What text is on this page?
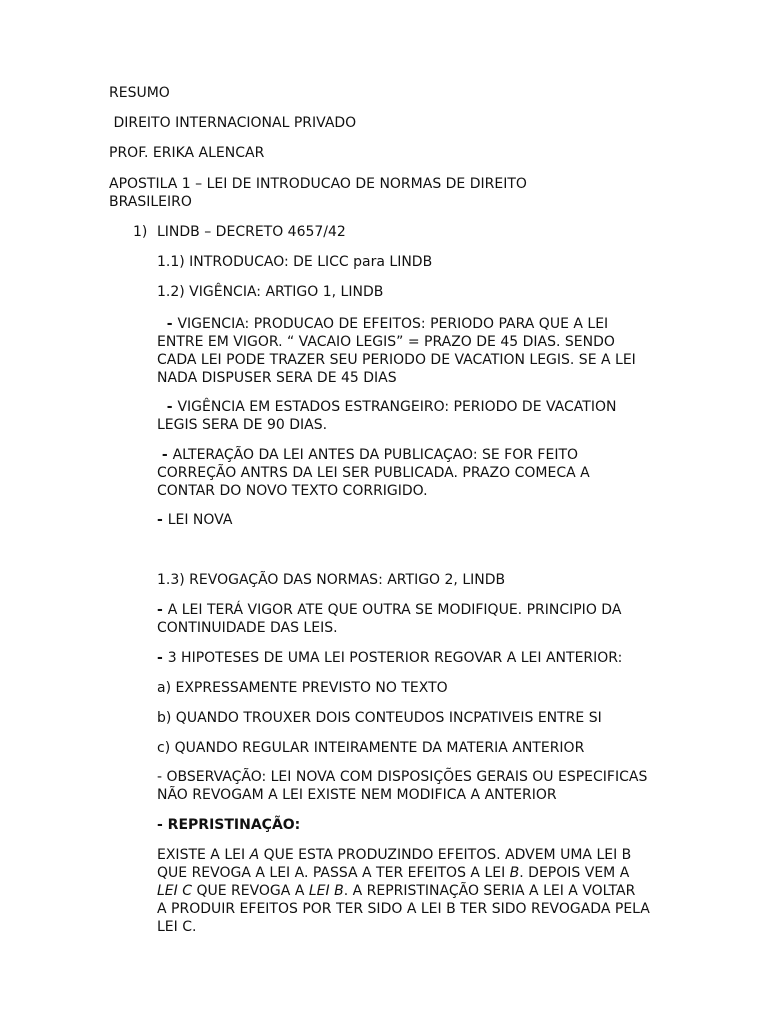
RESUMO

DIREITO INTERNACIONAL PRIVADO

PROF. ERIKA ALENCAR

APOSTILA 1 – LEI DE INTRODUCAO DE NORMAS DE DIREITO

BRASILEIRO

1) LINDB – DECRETO 4657/42

1.1) INTRODUCAO: DE LICC para LINDB

1.2) VIGÊNCIA: ARTIGO 1, LINDB

- VIGENCIA: PRODUCAO DE EFEITOS: PERIODO PARA QUE A LEI

ENTRE EM VIGOR. “ VACAIO LEGIS” = PRAZO DE 45 DIAS. SENDO

CADA LEI PODE TRAZER SEU PERIODO DE VACATION LEGIS. SE A LEI

NADA DISPUSER SERA DE 45 DIAS

- VIGÊNCIA EM ESTADOS ESTRANGEIRO: PERIODO DE VACATION

LEGIS SERA DE 90 DIAS.

- ALTERAÇÃO DA LEI ANTES DA PUBLICAÇAO: SE FOR FEITO

CORREÇÃO ANTRS DA LEI SER PUBLICADA. PRAZO COMECA A

CONTAR DO NOVO TEXTO CORRIGIDO.

- LEI NOVA

1.3) REVOGAÇÃO DAS NORMAS: ARTIGO 2, LINDB

- A LEI TERÁ VIGOR ATE QUE OUTRA SE MODIFIQUE. PRINCIPIO DA

CONTINUIDADE DAS LEIS.

- 3 HIPOTESES DE UMA LEI POSTERIOR REGOVAR A LEI ANTERIOR:

a) EXPRESSAMENTE PREVISTO NO TEXTO

b) QUANDO TROUXER DOIS CONTEUDOS INCPATIVEIS ENTRE SI

c) QUANDO REGULAR INTEIRAMENTE DA MATERIA ANTERIOR

- OBSERVAÇÃO: LEI NOVA COM DISPOSIÇÕES GERAIS OU ESPECIFICAS

NÃO REVOGAM A LEI EXISTE NEM MODIFICA A ANTERIOR

- REPRISTINAÇÃO:

EXISTE A LEI A QUE ESTA PRODUZINDO EFEITOS. ADVEM UMA LEI B

QUE REVOGA A LEI A. PASSA A TER EFEITOS A LEI B. DEPOIS VEM A

LEI C QUE REVOGA A LEI B. A REPRISTINAÇÃO SERIA A LEI A VOLTAR

A PRODUIR EFEITOS POR TER SIDO A LEI B TER SIDO REVOGADA PELA

LEI C.
